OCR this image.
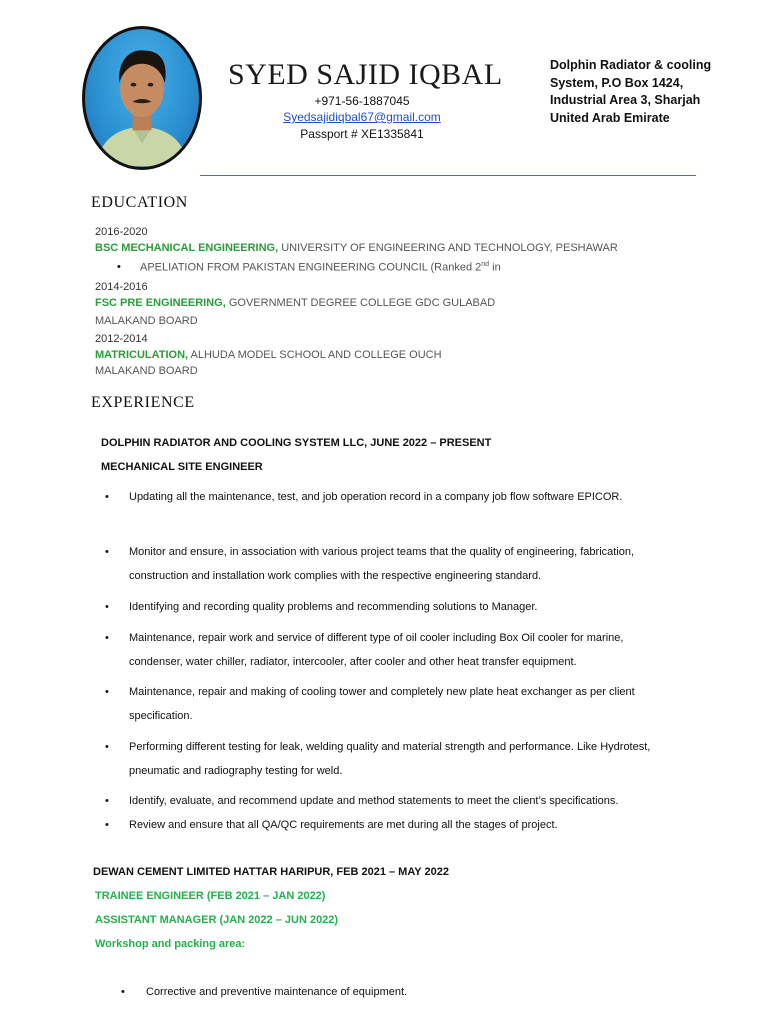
SYED SAJID IQBAL
+971-56-1887045
Syedsajidiqbal67@gmail.com
Passport # XE1335841
Dolphin Radiator & cooling
System, P.O Box 1424,
Industrial Area 3, Sharjah
United Arab Emirate
EDUCATION
2016-2020
BSC MECHANICAL ENGINEERING, UNIVERSITY OF ENGINEERING AND TECHNOLOGY, PESHAWAR
• APELIATION FROM PAKISTAN ENGINEERING COUNCIL (Ranked 2nd in
2014-2016
FSC PRE ENGINEERING, GOVERNMENT DEGREE COLLEGE GDC GULABAD
MALAKAND BOARD
2012-2014
MATRICULATION, ALHUDA MODEL SCHOOL AND COLLEGE OUCH
MALAKAND BOARD
EXPERIENCE
DOLPHIN RADIATOR AND COOLING SYSTEM LLC, JUNE 2022 – PRESENT
MECHANICAL SITE ENGINEER
• Updating all the maintenance, test, and job operation record in a company job flow software EPICOR.
• Monitor and ensure, in association with various project teams that the quality of engineering, fabrication, construction and installation work complies with the respective engineering standard.
• Identifying and recording quality problems and recommending solutions to Manager.
• Maintenance, repair work and service of different type of oil cooler including Box Oil cooler for marine, condenser, water chiller, radiator, intercooler, after cooler and other heat transfer equipment.
• Maintenance, repair and making of cooling tower and completely new plate heat exchanger as per client specification.
• Performing different testing for leak, welding quality and material strength and performance. Like Hydrotest, pneumatic and radiography testing for weld.
• Identify, evaluate, and recommend update and method statements to meet the client’s specifications.
• Review and ensure that all QA/QC requirements are met during all the stages of project.
DEWAN CEMENT LIMITED HATTAR HARIPUR, FEB 2021 – MAY 2022
TRAINEE ENGINEER (FEB 2021 – JAN 2022)
ASSISTANT MANAGER (JAN 2022 – JUN 2022)
Workshop and packing area:
• Corrective and preventive maintenance of equipment.
